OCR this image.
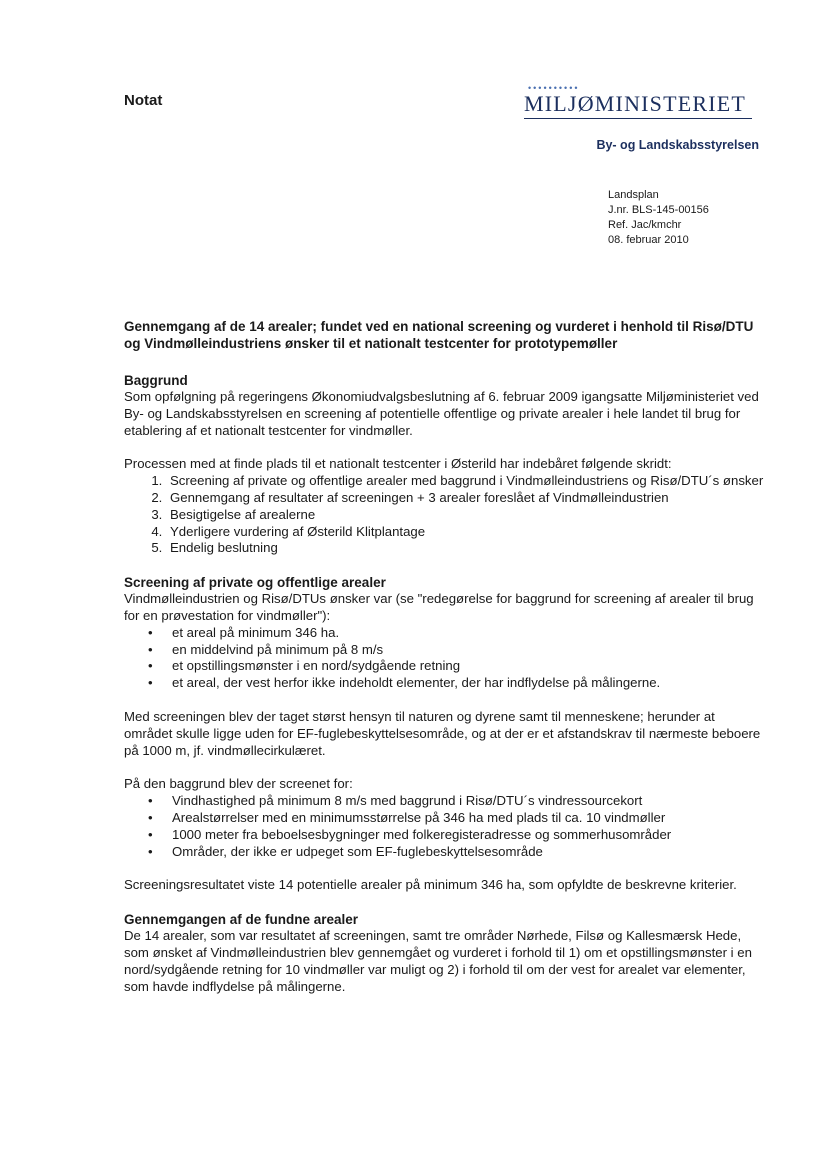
Notat
••••••••••
MILJØMINISTERIET
By- og Landskabsstyrelsen
Landsplan
J.nr. BLS-145-00156
Ref. Jac/kmchr
08. februar 2010
Gennemgang af de 14 arealer; fundet ved en national screening og vurderet i henhold til Risø/DTU og Vindmølleindustriens ønsker til et nationalt testcenter for prototypemøller
Baggrund

Som opfølgning på regeringens Økonomiudvalgsbeslutning af 6. februar 2009 igangsatte Miljøministeriet ved By- og Landskabsstyrelsen en screening af potentielle offentlige og private arealer i hele landet til brug for etablering af et nationalt testcenter for vindmøller.

Processen med at finde plads til et nationalt testcenter i Østerild har indebåret følgende skridt:

1. Screening af private og offentlige arealer med baggrund i Vindmølleindustriens og Risø/DTU´s ønsker
2. Gennemgang af resultater af screeningen + 3 arealer foreslået af Vindmølleindustrien
3. Besigtigelse af arealerne
4. Yderligere vurdering af Østerild Klitplantage
5. Endelig beslutning
Screening af private og offentlige arealer

Vindmølleindustrien og Risø/DTUs ønsker var (se "redegørelse for baggrund for screening af arealer til brug for en prøvestation for vindmøller"):

• et areal på minimum 346 ha.
• en middelvind på minimum på 8 m/s
• et opstillingsmønster i en nord/sydgående retning
• et areal, der vest herfor ikke indeholdt elementer, der har indflydelse på målingerne.

Med screeningen blev der taget størst hensyn til naturen og dyrene samt til menneskene; herunder at området skulle ligge uden for EF-fuglebeskyttelsesområde, og at der er et afstandskrav til nærmeste beboere på 1000 m, jf. vindmøllecirkulæret.

På den baggrund blev der screenet for:

• Vindhastighed på minimum 8 m/s med baggrund i Risø/DTU´s vindressourcekort
• Arealstørrelser med en minimumsstørrelse på 346 ha med plads til ca. 10 vindmøller
• 1000 meter fra beboelsesbygninger med folkeregisteradresse og sommerhusområder
• Områder, der ikke er udpeget som EF-fuglebeskyttelsesområde

Screeningsresultatet viste 14 potentielle arealer på minimum 346 ha, som opfyldte de beskrevne kriterier.

Gennemgangen af de fundne arealer

De 14 arealer, som var resultatet af screeningen, samt tre områder Nørhede, Filsø og Kallesmærsk Hede, som ønsket af Vindmølleindustrien blev gennemgået og vurderet i forhold til 1) om et opstillingsmønster i en nord/sydgående retning for 10 vindmøller var muligt og 2) i forhold til om der vest for arealet var elementer, som havde indflydelse på målingerne.
